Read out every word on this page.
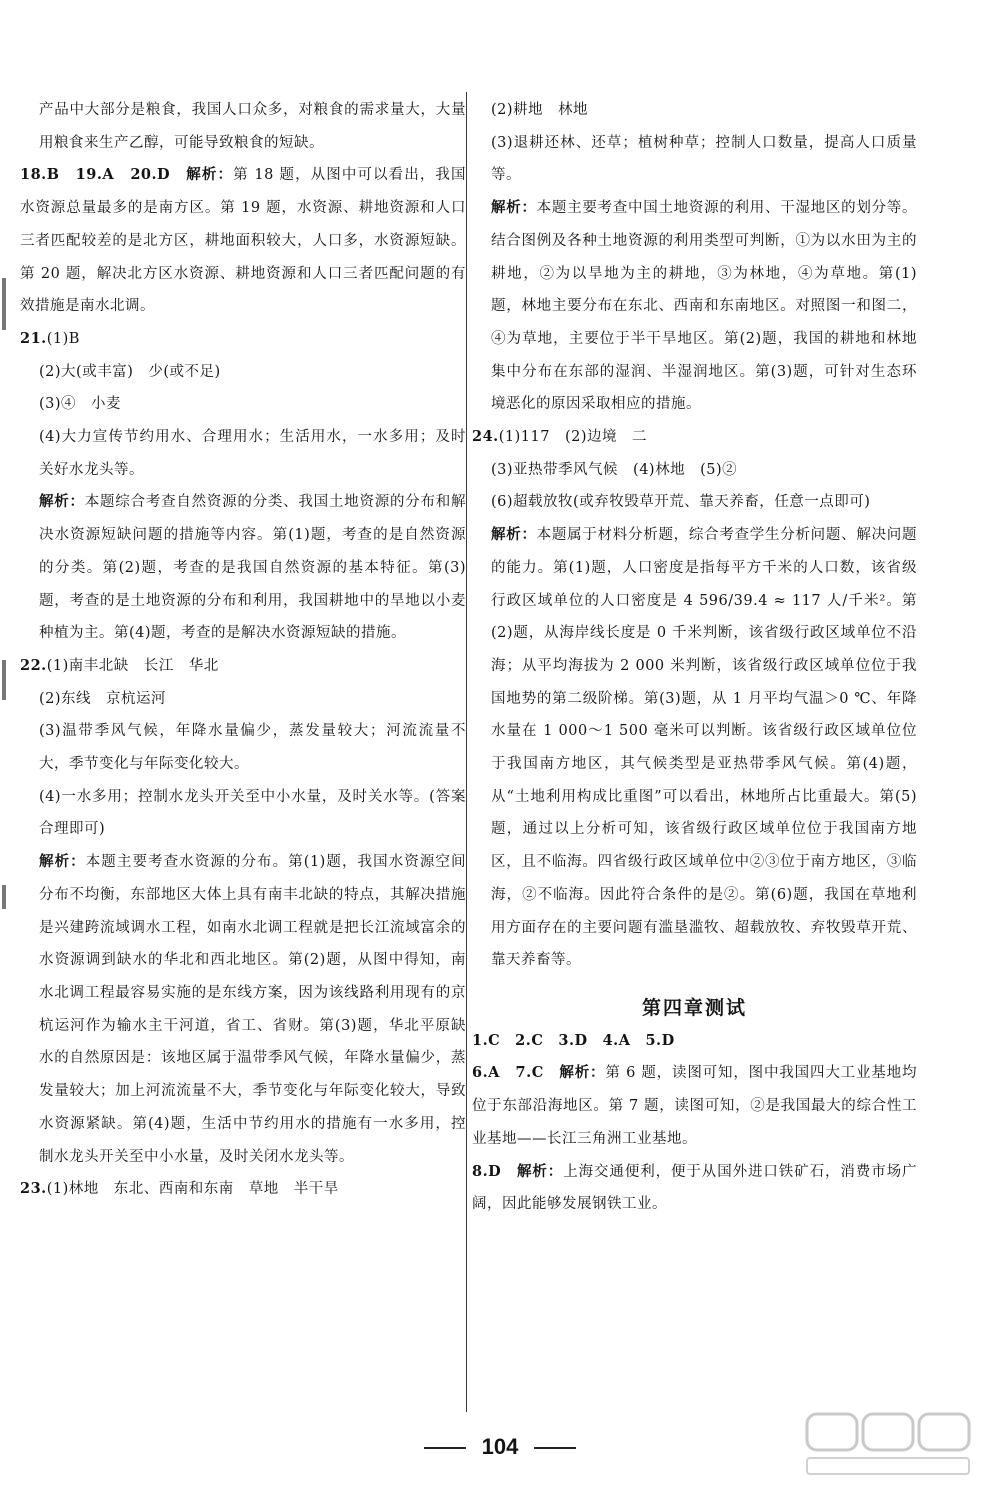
产品中大部分是粮食，我国人口众多，对粮食的需求量大，大量用粮食来生产乙醇，可能导致粮食的短缺。

18.B　19.A　20.D　解析：第 18 题，从图中可以看出，我国水资源总量最多的是南方区。第 19 题，水资源、耕地资源和人口三者匹配较差的是北方区，耕地面积较大，人口多，水资源短缺。第 20 题，解决北方区水资源、耕地资源和人口三者匹配问题的有效措施是南水北调。

21.(1)B

(2)大(或丰富)　少(或不足)

(3)④　小麦

(4)大力宣传节约用水、合理用水；生活用水，一水多用；及时关好水龙头等。

解析：本题综合考查自然资源的分类、我国土地资源的分布和解决水资源短缺问题的措施等内容。第(1)题，考查的是自然资源的分类。第(2)题，考查的是我国自然资源的基本特征。第(3)题，考查的是土地资源的分布和利用，我国耕地中的旱地以小麦种植为主。第(4)题，考查的是解决水资源短缺的措施。

22.(1)南丰北缺　长江　华北

(2)东线　京杭运河

(3)温带季风气候，年降水量偏少，蒸发量较大；河流流量不大，季节变化与年际变化较大。

(4)一水多用；控制水龙头开关至中小水量，及时关水等。(答案合理即可)

解析：本题主要考查水资源的分布。第(1)题，我国水资源空间分布不均衡，东部地区大体上具有南丰北缺的特点，其解决措施是兴建跨流域调水工程，如南水北调工程就是把长江流域富余的水资源调到缺水的华北和西北地区。第(2)题，从图中得知，南水北调工程最容易实施的是东线方案，因为该线路利用现有的京杭运河作为输水主干河道，省工、省财。第(3)题，华北平原缺水的自然原因是：该地区属于温带季风气候，年降水量偏少，蒸发量较大；加上河流流量不大，季节变化与年际变化较大，导致水资源紧缺。第(4)题，生活中节约用水的措施有一水多用，控制水龙头开关至中小水量，及时关闭水龙头等。

23.(1)林地　东北、西南和东南　草地　半干旱

(2)耕地　林地

(3)退耕还林、还草；植树种草；控制人口数量，提高人口质量等。

解析：本题主要考查中国土地资源的利用、干湿地区的划分等。结合图例及各种土地资源的利用类型可判断，①为以水田为主的耕地，②为以旱地为主的耕地，③为林地，④为草地。第(1)题，林地主要分布在东北、西南和东南地区。对照图一和图二，④为草地，主要位于半干旱地区。第(2)题，我国的耕地和林地集中分布在东部的湿润、半湿润地区。第(3)题，可针对生态环境恶化的原因采取相应的措施。

24.(1)117　(2)边境　二

(3)亚热带季风气候　(4)林地　(5)②

(6)超载放牧(或弃牧毁草开荒、靠天养畜，任意一点即可)

解析：本题属于材料分析题，综合考查学生分析问题、解决问题的能力。第(1)题，人口密度是指每平方千米的人口数，该省级行政区域单位的人口密度是 4 596/39.4 ≈ 117 人/千米²。第(2)题，从海岸线长度是 0 千米判断，该省级行政区域单位不沿海；从平均海拔为 2 000 米判断，该省级行政区域单位位于我国地势的第二级阶梯。第(3)题，从 1 月平均气温＞0 ℃、年降水量在 1 000～1 500 毫米可以判断。该省级行政区域单位位于我国南方地区，其气候类型是亚热带季风气候。第(4)题，从“土地利用构成比重图”可以看出，林地所占比重最大。第(5)题，通过以上分析可知，该省级行政区域单位位于我国南方地区，且不临海。四省级行政区域单位中②③位于南方地区，③临海，②不临海。因此符合条件的是②。第(6)题，我国在草地利用方面存在的主要问题有滥垦滥牧、超载放牧、弃牧毁草开荒、靠天养畜等。

第四章测试

1.C　2.C　3.D　4.A　5.D

6.A　7.C　解析：第 6 题，读图可知，图中我国四大工业基地均位于东部沿海地区。第 7 题，读图可知，②是我国最大的综合性工业基地——长江三角洲工业基地。

8.D　解析：上海交通便利，便于从国外进口铁矿石，消费市场广阔，因此能够发展钢铁工业。

104
